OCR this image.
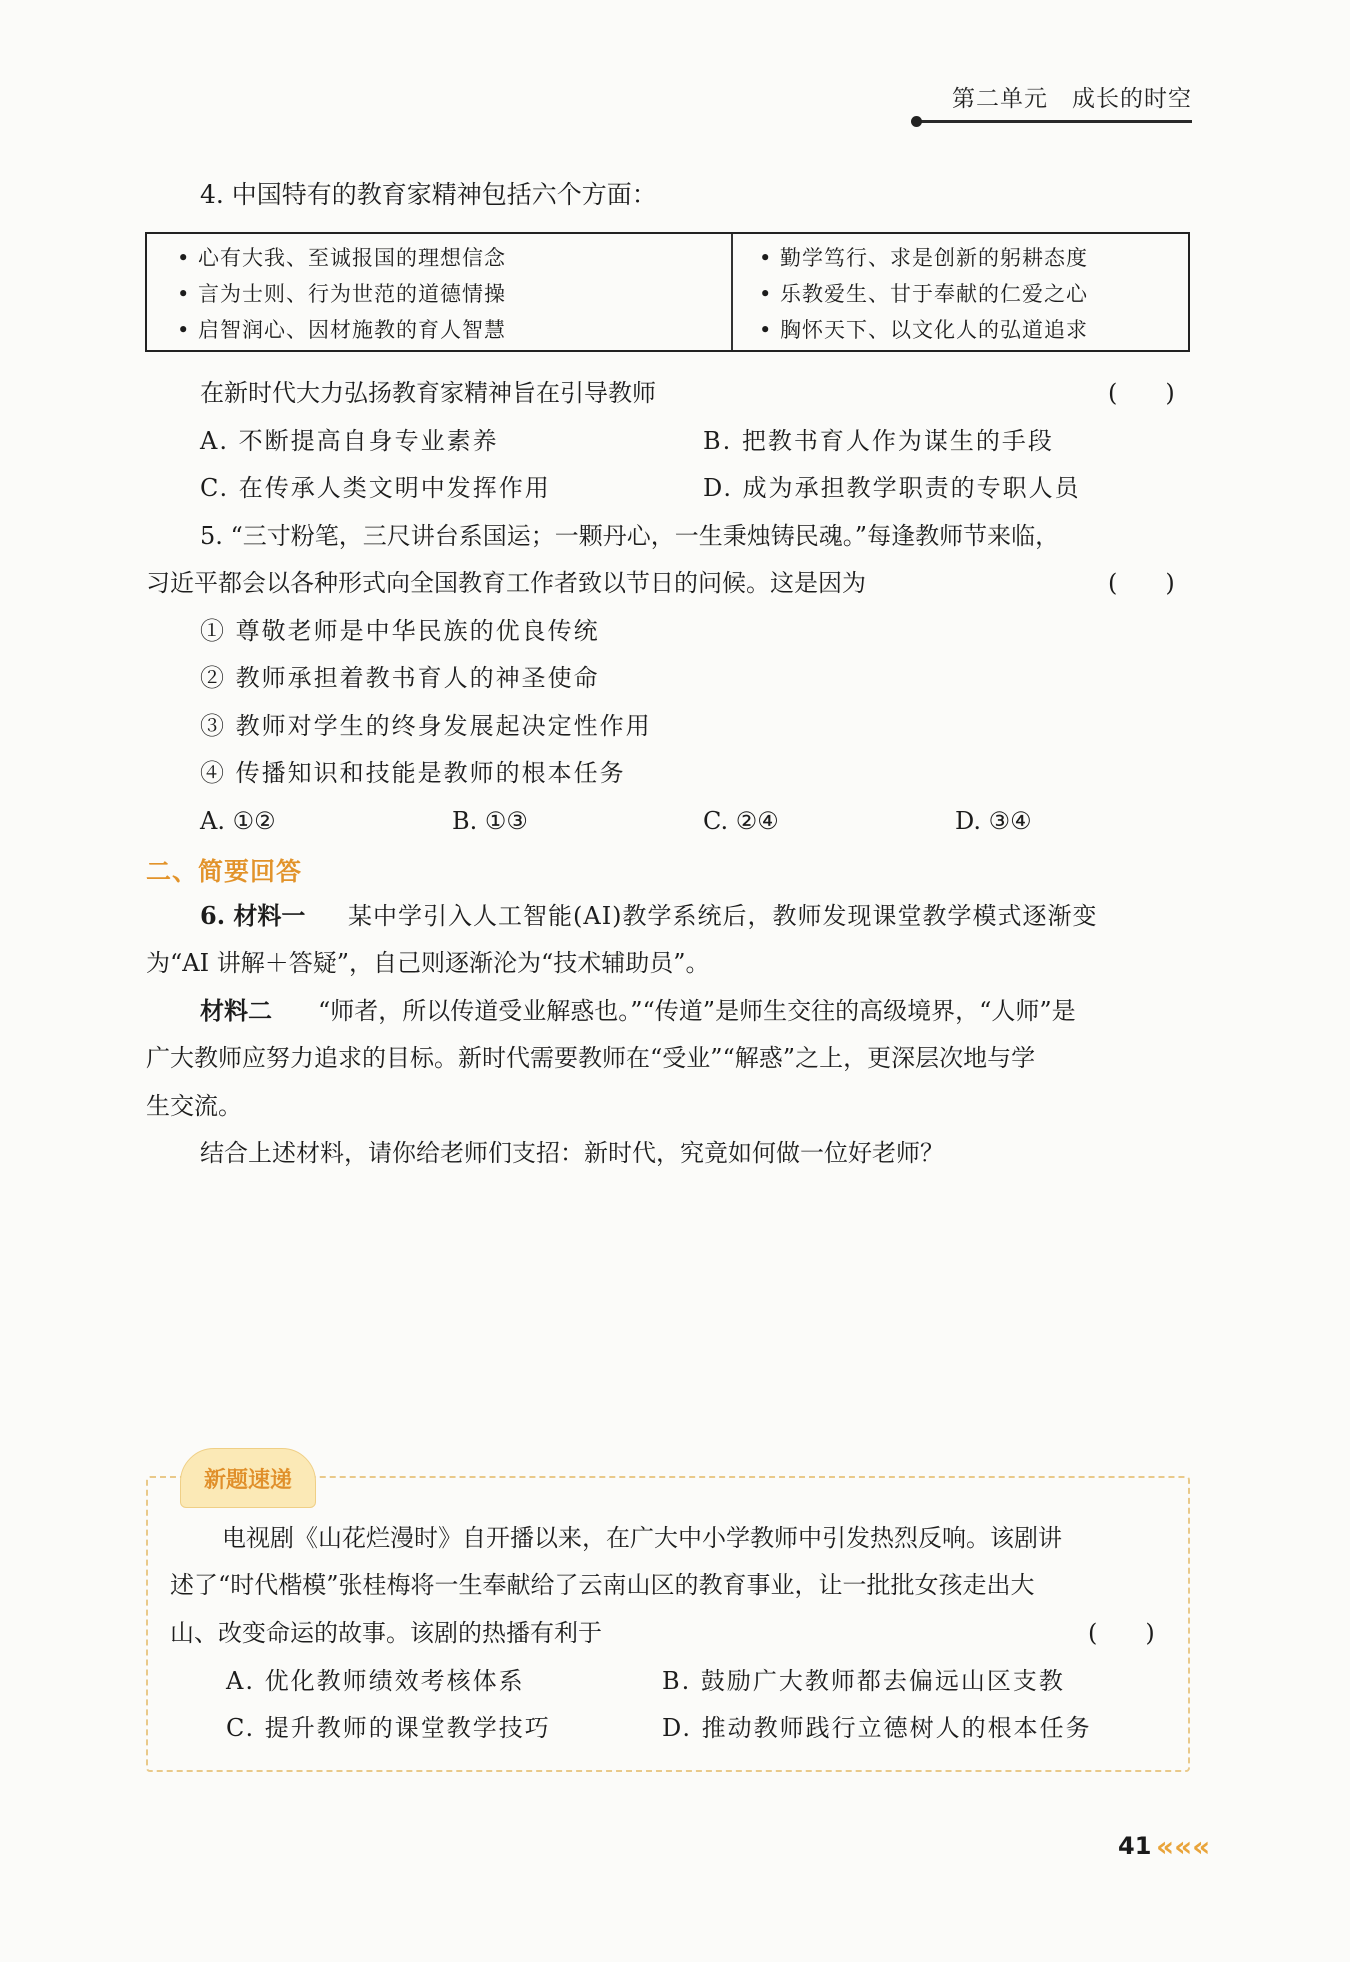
第二单元　成长的时空
4. 中国特有的教育家精神包括六个方面：
• 心有大我、至诚报国的理想信念
• 言为士则、行为世范的道德情操
• 启智润心、因材施教的育人智慧
• 勤学笃行、求是创新的躬耕态度
• 乐教爱生、甘于奉献的仁爱之心
• 胸怀天下、以文化人的弘道追求
在新时代大力弘扬教育家精神旨在引导教师	(　　)
A. 不断提高自身专业素养	B. 把教书育人作为谋生的手段
C. 在传承人类文明中发挥作用	D. 成为承担教学职责的专职人员
5. “三寸粉笔，三尺讲台系国运；一颗丹心，一生秉烛铸民魂。”每逢教师节来临，
习近平都会以各种形式向全国教育工作者致以节日的问候。这是因为	(　　)
① 尊敬老师是中华民族的优良传统
② 教师承担着教书育人的神圣使命
③ 教师对学生的终身发展起决定性作用
④ 传播知识和技能是教师的根本任务
A. ①②	B. ①③	C. ②④	D. ③④
二、简要回答
6. 材料一 某中学引入人工智能(AI)教学系统后，教师发现课堂教学模式逐渐变
为“AI 讲解＋答疑”，自己则逐渐沦为“技术辅助员”。
材料二 “师者，所以传道受业解惑也。”“传道”是师生交往的高级境界，“人师”是
广大教师应努力追求的目标。新时代需要教师在“受业”“解惑”之上，更深层次地与学
生交流。
结合上述材料，请你给老师们支招：新时代，究竟如何做一位好老师？
新题速递
电视剧《山花烂漫时》自开播以来，在广大中小学教师中引发热烈反响。该剧讲
述了“时代楷模”张桂梅将一生奉献给了云南山区的教育事业，让一批批女孩走出大
山、改变命运的故事。该剧的热播有利于	(　　)
A. 优化教师绩效考核体系	B. 鼓励广大教师都去偏远山区支教
C. 提升教师的课堂教学技巧	D. 推动教师践行立德树人的根本任务
41 «««
